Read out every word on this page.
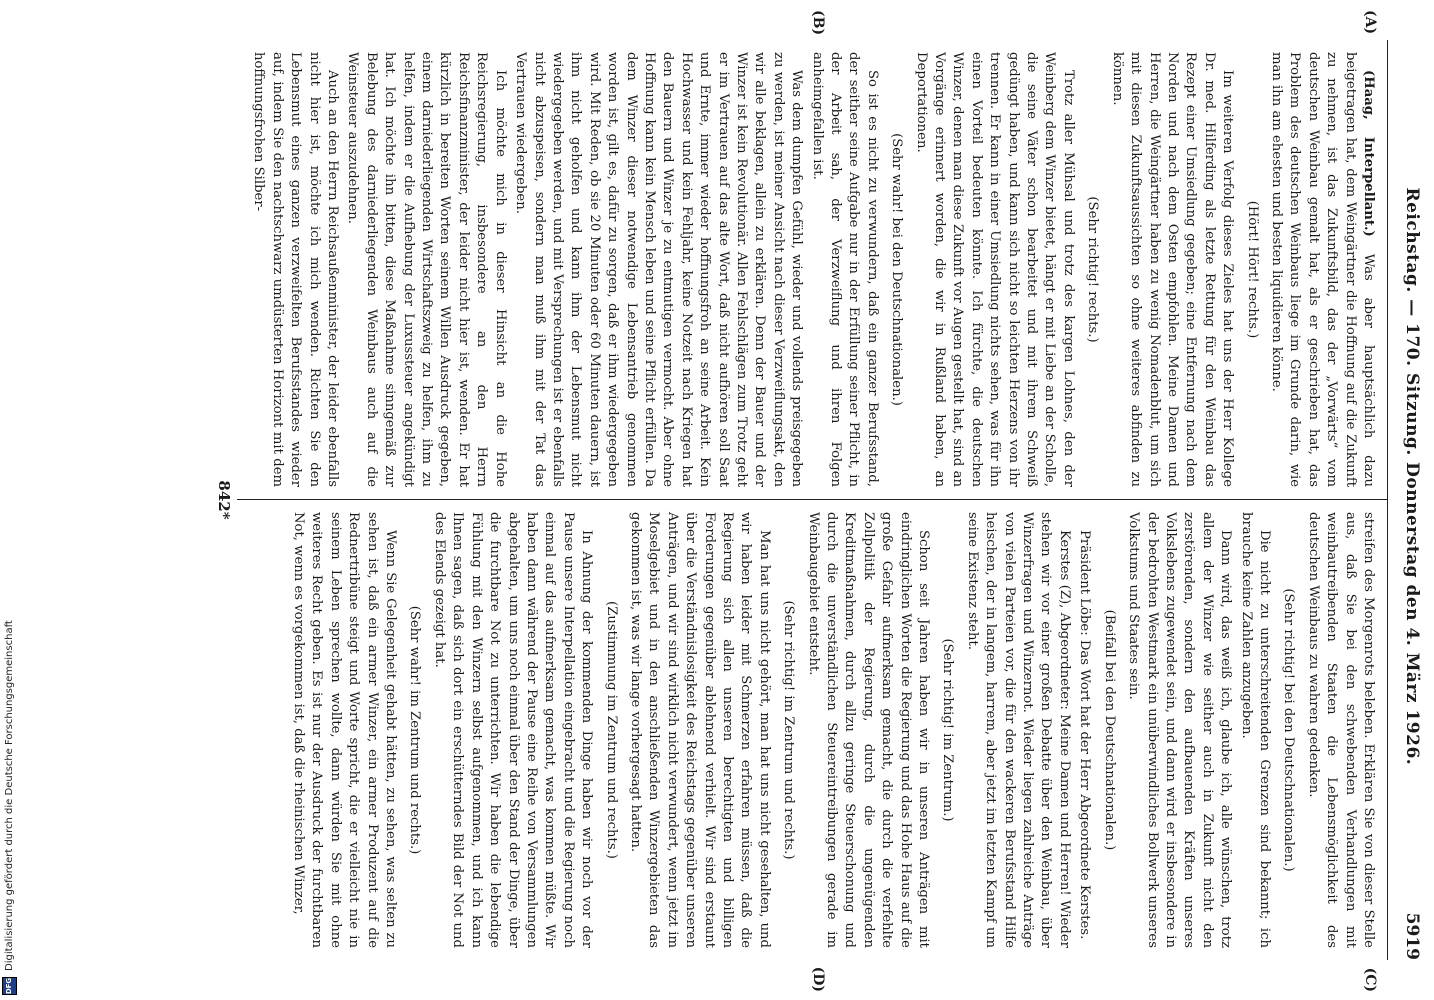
DFG
Digitalisierung gefördert durch die Deutsche Forschungsgemeinschaft
Reichstag. — 170. Sitzung. Donnerstag den 4. März 1926.
5919
(A)
(B)

(Haag, Interpellant.) Was aber hauptsächlich dazu beigetragen hat, dem Weingärtner die Hoffnung auf die Zukunft zu nehmen, ist das Zukunftsbild, das der „Vorwärts“ vom deutschen Weinbau gemalt hat, als er geschrieben hat, das Problem des deutschen Weinbaus liege im Grunde darin, wie man ihn am ehesten und besten liquidieren könne.

(Hört! Hört! rechts.)

Im weiteren Verfolg dieses Zieles hat uns der Herr Kollege Dr. med. Hilferding als letzte Rettung für den Weinbau das Rezept einer Umsiedlung gegeben; eine Entfernung nach dem Norden und nach dem Osten empfohlen. Meine Damen und Herren, die Weingärtner haben zu wenig Nomadenblut, um sich mit diesen Zukunftsaussichten so ohne weiteres abfinden zu können.

(Sehr richtig! rechts.)

Trotz aller Mühsal und trotz des kargen Lohnes, den der Weinberg dem Winzer bietet, hängt er mit Liebe an der Scholle, die seine Väter schon bearbeitet und mit ihrem Schweiß gedüngt haben, und kann sich nicht so leichten Herzens von ihr trennen. Er kann in einer Umsiedlung nichts sehen, was für ihn einen Vorteil bedeuten könnte. Ich fürchte, die deutschen Winzer, denen man diese Zukunft vor Augen gestellt hat, sind an Vorgänge erinnert worden, die wir in Rußland haben, an Deportationen.

(Sehr wahr! bei den Deutschnationalen.)

So ist es nicht zu verwundern, daß ein ganzer Berufsstand, der seither seine Aufgabe nur in der Erfüllung seiner Pflicht, in der Arbeit sah, der Verzweiflung und ihren Folgen anheimgefallen ist.

Was dem dumpfen Gefühl, wieder und vollends preisgegeben zu werden, ist meiner Ansicht nach dieser Verzweiflungsakt, den wir alle beklagen, allein zu erklären. Denn der Bauer und der Winzer ist kein Revolutionär. Allen Fehlschlägen zum Trotz geht er im Vertrauen auf das alte Wort, daß nicht aufhören soll Saat und Ernte, immer wieder hoffnungsfroh an seine Arbeit. Kein Hochwasser und kein Fehljahr, keine Notzeit nach Kriegen hat den Bauern und Winzer je zu entmutigen vermocht. Aber ohne Hoffnung kann kein Mensch leben und seine Pflicht erfüllen. Da dem Winzer dieser notwendige Lebensantrieb genommen worden ist, gilt es, dafür zu sorgen, daß er ihm wiedergegeben wird. Mit Reden, ob sie 20 Minuten oder 60 Minuten dauern, ist ihm nicht geholfen und kann ihm der Lebensmut nicht wiedergegeben werden, und mit Versprechungen ist er ebenfalls nicht abzuspeisen, sondern man muß ihm mit der Tat das Vertrauen wiedergeben.

Ich möchte mich in dieser Hinsicht an die Hohe Reichsregierung, insbesondere an den Herrn Reichsfinanzminister, der leider nicht hier ist, wenden. Er hat kürzlich in bereiten Worten seinem Willen Ausdruck gegeben, einem darniederliegenden Wirtschaftszweig zu helfen, ihm zu helfen, indem er die Aufhebung der Luxussteuer angekündigt hat. Ich möchte ihn bitten, diese Maßnahme sinngemäß zur Belebung des darniederliegenden Weinbaus auch auf die Weinsteuer auszudehnen.

Auch an den Herrn Reichsaußenminister, der leider ebenfalls nicht hier ist, möchte ich mich wenden. Richten Sie den Lebensmut eines ganzen verzweifelten Berufsstandes wieder auf, indem Sie den nachtschwarz umdüsterten Horizont mit dem hoffnungsfrohen Silber-

(C)
(D)

streifen des Morgenrots beleben. Erklären Sie von dieser Stelle aus, daß Sie bei den schwebenden Verhandlungen mit weinbautreibenden Staaten die Lebensmöglichkeit des deutschen Weinbaus zu wahren gedenken.

(Sehr richtig! bei den Deutschnationalen.)

Die nicht zu unterschreitenden Grenzen sind bekannt; ich brauche keine Zahlen anzugeben.

Dann wird, das weiß ich, glaube ich, alle wünschen, trotz allem der Winzer wie seither auch in Zukunft nicht den zerstörenden, sondern den aufbauenden Kräften unseres Volkslebens zugewendet sein, und dann wird er insbesondere in der bedrohten Westmark ein unüberwindliches Bollwerk unseres Volkstums und Staates sein.

(Beifall bei den Deutschnationalen.)

Präsident Löbe: Das Wort hat der Herr Abgeordnete Kerstes.

Kerstes (Z), Abgeordneter: Meine Damen und Herren! Wieder stehen wir vor einer großen Debatte über den Weinbau, über Winzerfragen und Winzernot. Wieder liegen zahlreiche Anträge von vielen Parteien vor, die für den wackeren Berufsstand Hilfe heischen, der in langem, harrem, aber jetzt im letzten Kampf um seine Existenz steht.

(Sehr richtig! im Zentrum.)

Schon seit Jahren haben wir in unseren Anträgen mit eindringlichen Worten die Regierung und das Hohe Haus auf die große Gefahr aufmerksam gemacht, die durch die verfehlte Zollpolitik der Regierung, durch die ungenügenden Kreditmaßnahmen, durch allzu geringe Steuerschonung und durch die unverständlichen Steuereintreibungen gerade im Weinbaugebiet entsteht.

(Sehr richtig! im Zentrum und rechts.)

Man hat uns nicht gehört, man hat uns nicht gesehalten, und wir haben leider mit Schmerzen erfahren müssen, daß die Regierung sich allen unseren berechtigten und billigen Forderungen gegenüber ablehnend verhielt. Wir sind erstaunt über die Verständnislosigkeit des Reichstags gegenüber unseren Anträgen, und wir sind wirklich nicht verwundert, wenn jetzt im Moselgebiet und in den anschließenden Winzergebieten das gekommen ist, was wir lange vorhergesagt hatten.

(Zustimmung im Zentrum und rechts.)

In Ahnung der kommenden Dinge haben wir noch vor der Pause unsere Interpellation eingebracht und die Regierung noch einmal auf das aufmerksam gemacht, was kommen müßte. Wir haben dann während der Pause eine Reihe von Versammlungen abgehalten, um uns noch einmal über den Stand der Dinge, über die furchtbare Not zu unterrichten. Wir haben die lebendige Fühlung mit den Winzern selbst aufgenommen, und ich kann Ihnen sagen, daß sich dort ein erschütterndes Bild der Not und des Elends gezeigt hat.

(Sehr wahr! im Zentrum und rechts.)

Wenn Sie Gelegenheit gehabt hätten, zu sehen, was selten zu sehen ist, daß ein armer Winzer, ein armer Produzent auf die Rednertribüne steigt und Worte spricht, die er vielleicht nie in seinem Leben sprechen wollte, dann würden Sie mit ohne weiteres Recht geben. Es ist nur der Ausdruck der furchtbaren Not, wenn es vorgekommen ist, daß die rheinischen Winzer,

842*
